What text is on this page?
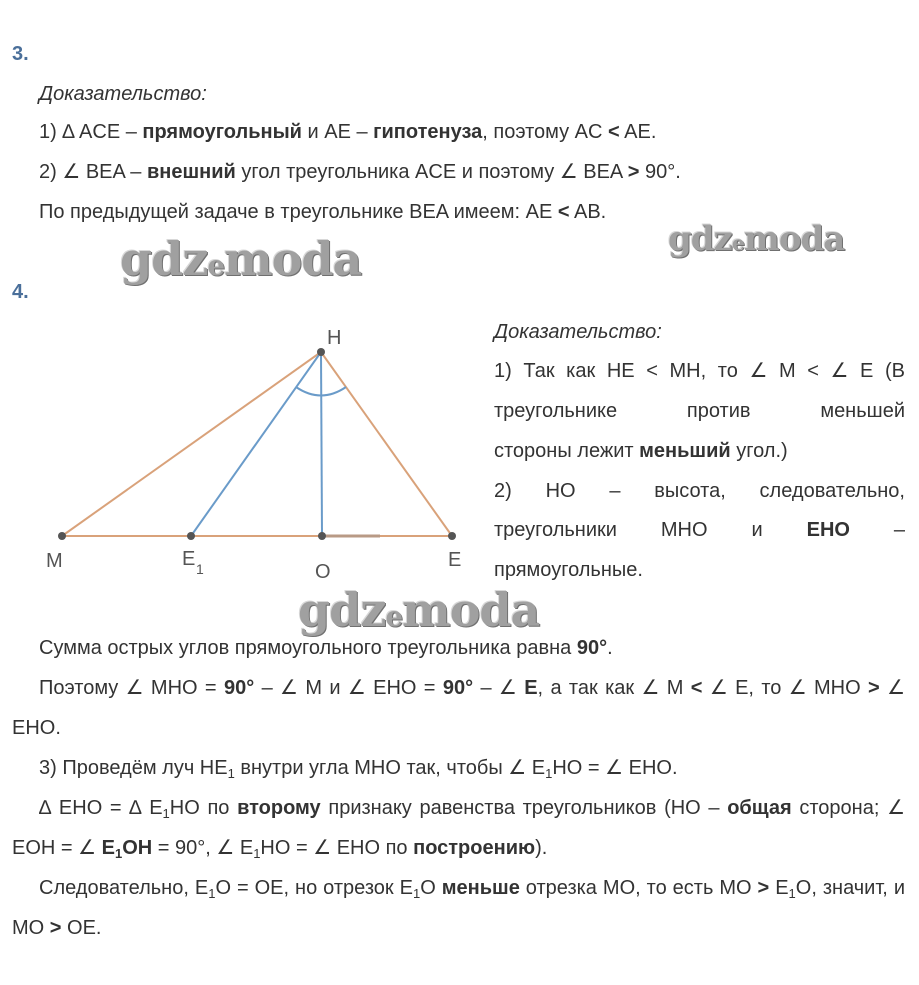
3.
Доказательство:
1) ∆ ACE – прямоугольный и AE – гипотенуза, поэтому AC < AE.
2) ∠ BEA – внешний угол треугольника ACE и поэтому ∠ BEA > 90°.
По предыдущей задаче в треугольнике BEA имеем: AE < AB.
gdzemoda	gdzemoda
gdzemoda
4.
H
M	E 1	O
E
Доказательство:
1) Так как HE < MH, то ∠ M < ∠ E (В
треугольнике	против	меньшей
стороны лежит меньший угол.)
2) HO – высота, следовательно,
треугольники MHO и EHO –
прямоугольные.
Сумма острых углов прямоугольного треугольника равна 90°.
Поэтому ∠ MHO = 90° – ∠ M и ∠ EHO = 90° – ∠ E, а так как ∠ M < ∠ E, то ∠ MHO > ∠ EHO.
3) Проведём луч $HE_1$ внутри угла MHO так, чтобы ∠ $E_1HO$ = ∠ EHO.
∆ EHO = ∆ $E_1HO$ по второму признаку равенства треугольников (HO – общая сторона; ∠ EOH = ∠ $E_1OH = 90^\circ$, ∠ $E_1HO$ = ∠ EHO по построению).
Следовательно, $E_1O$ = OE, но отрезок $E_1O$ меньше отрезка MO, то есть MO > $E_1O$, значит, и MO > OE.
